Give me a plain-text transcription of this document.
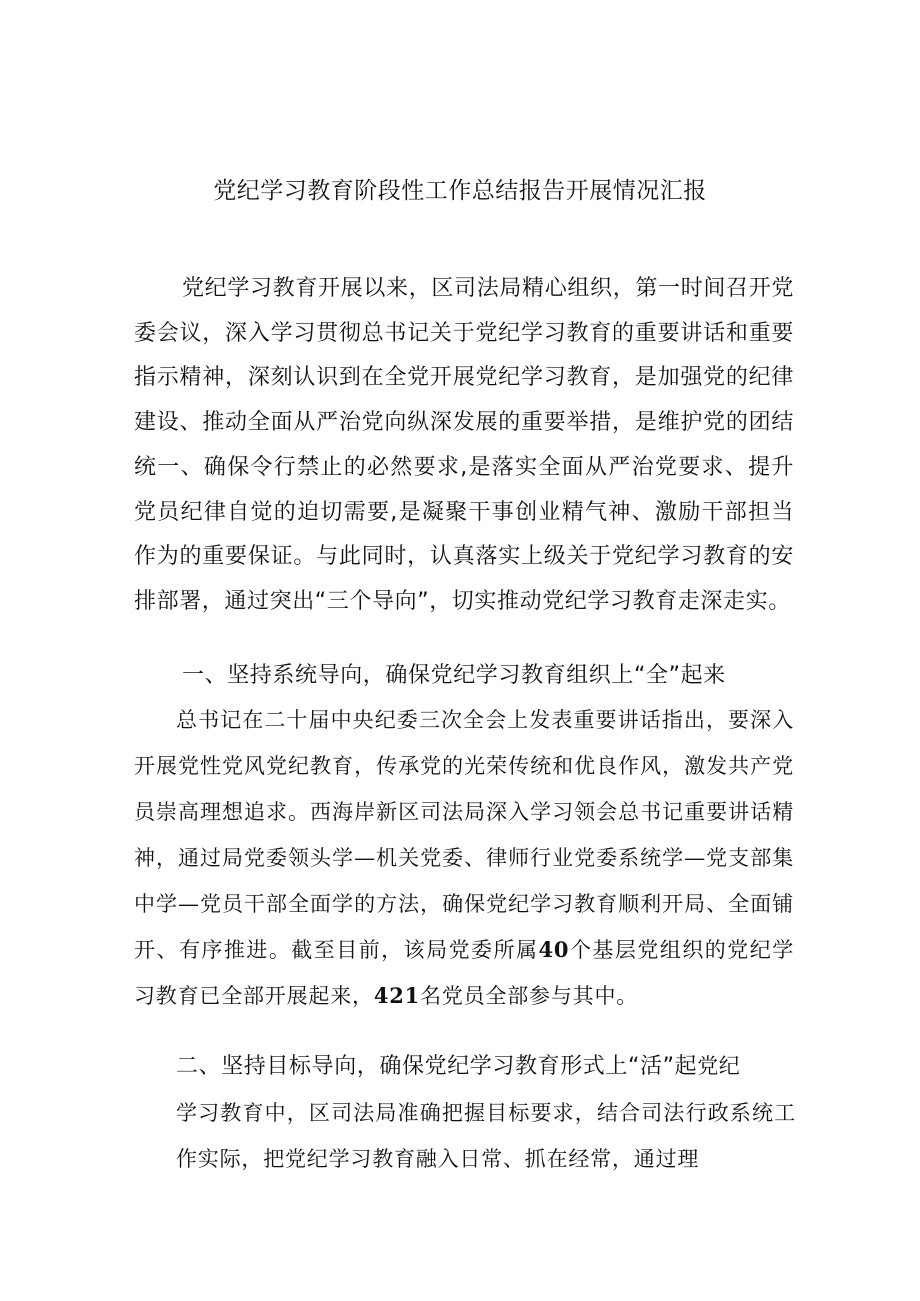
党纪学习教育阶段性工作总结报告开展情况汇报

党纪学习教育开展以来，区司法局精心组织，第一时间召开党委会议，深入学习贯彻总书记关于党纪学习教育的重要讲话和重要指示精神，深刻认识到在全党开展党纪学习教育，是加强党的纪律建设、推动全面从严治党向纵深发展的重要举措，是维护党的团结统一、确保令行禁止的必然要求,是落实全面从严治党要求、提升党员纪律自觉的迫切需要,是凝聚干事创业精气神、激励干部担当作为的重要保证。与此同时，认真落实上级关于党纪学习教育的安排部署，通过突出“三个导向”，切实推动党纪学习教育走深走实。

一、坚持系统导向，确保党纪学习教育组织上“全”起来

总书记在二十届中央纪委三次全会上发表重要讲话指出，要深入开展党性党风党纪教育，传承党的光荣传统和优良作风，激发共产党员崇高理想追求。西海岸新区司法局深入学习领会总书记重要讲话精神，通过局党委领头学—机关党委、律师行业党委系统学—党支部集中学—党员干部全面学的方法，确保党纪学习教育顺利开局、全面铺开、有序推进。截至目前，该局党委所属40个基层党组织的党纪学习教育已全部开展起来，421名党员全部参与其中。

二、坚持目标导向，确保党纪学习教育形式上“活”起党纪

学习教育中，区司法局准确把握目标要求，结合司法行政系统工作实际，把党纪学习教育融入日常、抓在经常，通过理
